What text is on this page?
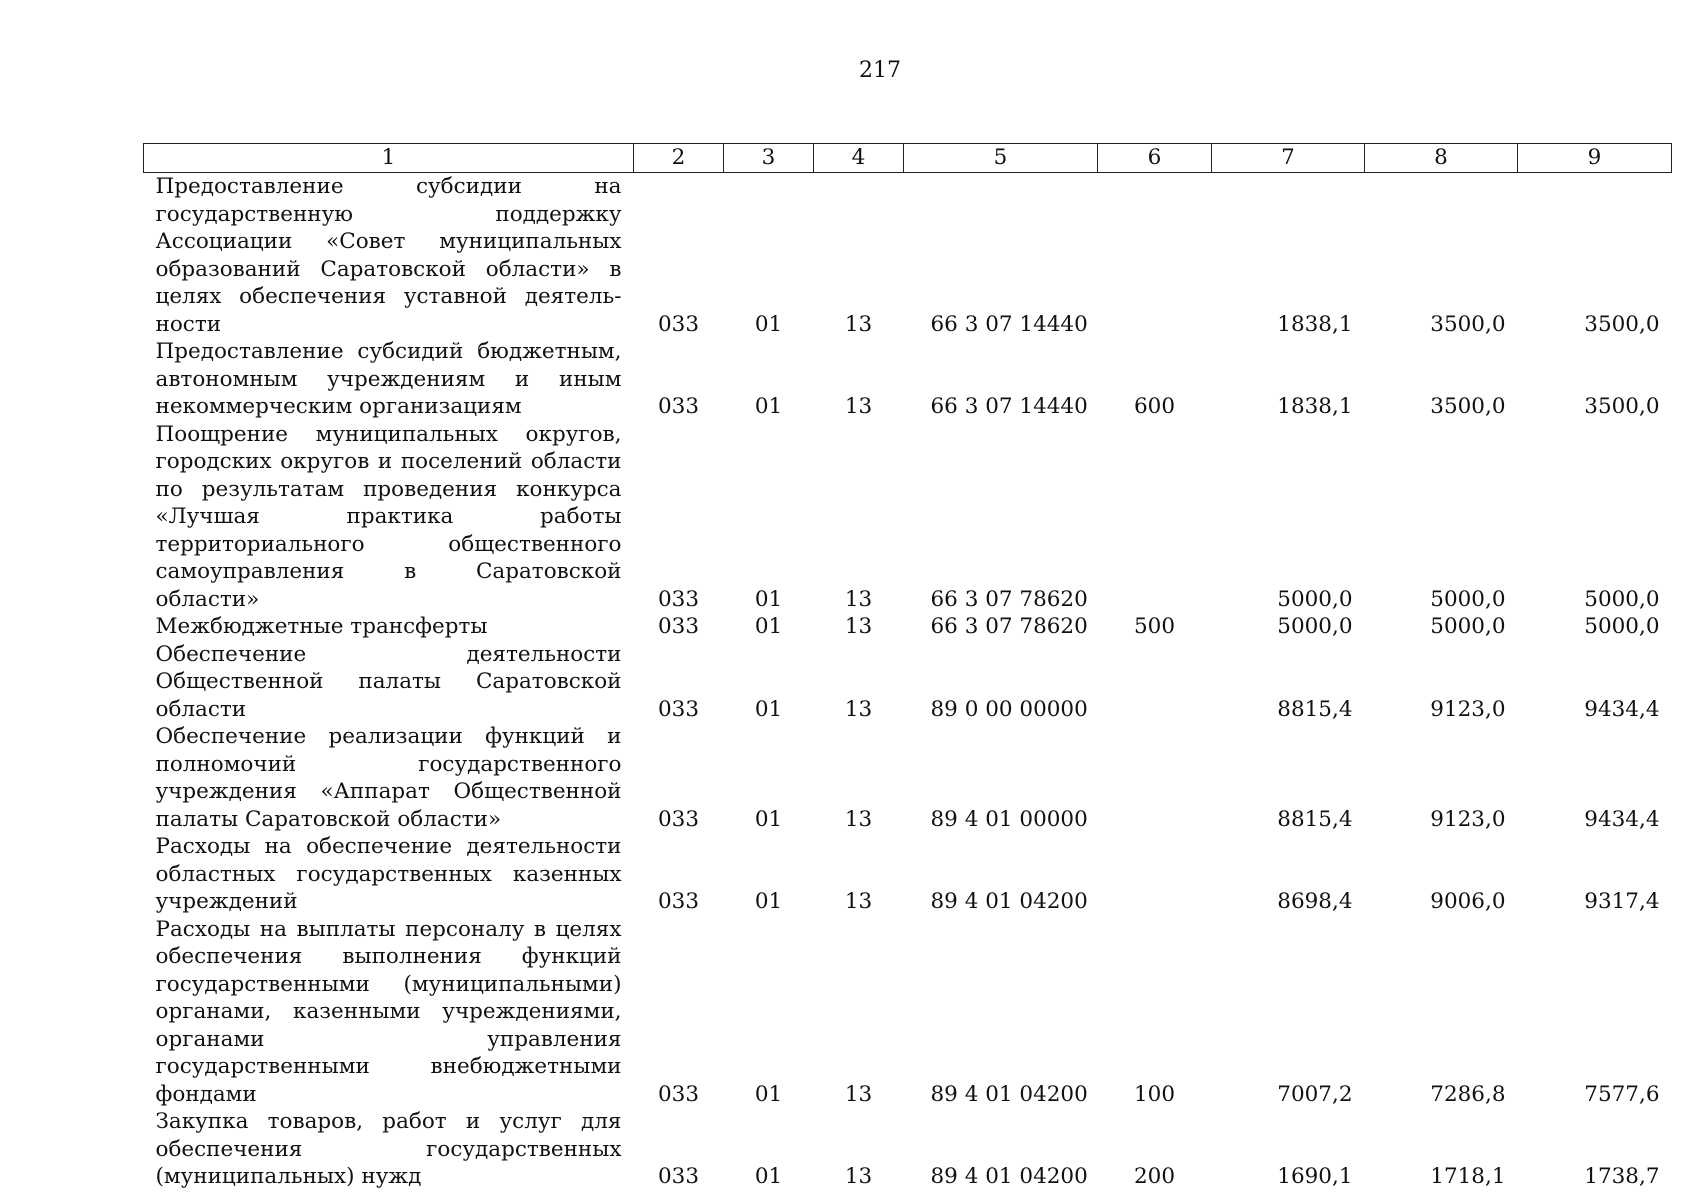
217
1	2	3	4	5	6	7	8	9
Предоставление субсидии на государственную поддержку Ассоциации «Совет муниципальных образований Саратовской области» в целях обеспечения уставной деятельности	033	01	13	66 3 07 14440		1838,1	3500,0	3500,0
Предоставление субсидий бюджетным, автономным учреждениям и иным некоммерческим организациям	033	01	13	66 3 07 14440	600	1838,1	3500,0	3500,0
Поощрение муниципальных округов, городских округов и поселений области по результатам проведения конкурса «Лучшая практика работы территориального общественного самоуправления в Саратовской области»	033	01	13	66 3 07 78620		5000,0	5000,0	5000,0
Межбюджетные трансферты	033	01	13	66 3 07 78620	500	5000,0	5000,0	5000,0
Обеспечение деятельности Общественной палаты Саратовской области	033	01	13	89 0 00 00000		8815,4	9123,0	9434,4
Обеспечение реализации функций и полномочий государственного учреждения «Аппарат Общественной палаты Саратовской области»	033	01	13	89 4 01 00000		8815,4	9123,0	9434,4
Расходы на обеспечение деятельности областных государственных казенных учреждений	033	01	13	89 4 01 04200		8698,4	9006,0	9317,4
Расходы на выплаты персоналу в целях обеспечения выполнения функций государственными (муниципальными) органами, казенными учреждениями, органами управления государственными внебюджетными фондами	033	01	13	89 4 01 04200	100	7007,2	7286,8	7577,6
Закупка товаров, работ и услуг для обеспечения государственных (муниципальных) нужд	033	01	13	89 4 01 04200	200	1690,1	1718,1	1738,7
